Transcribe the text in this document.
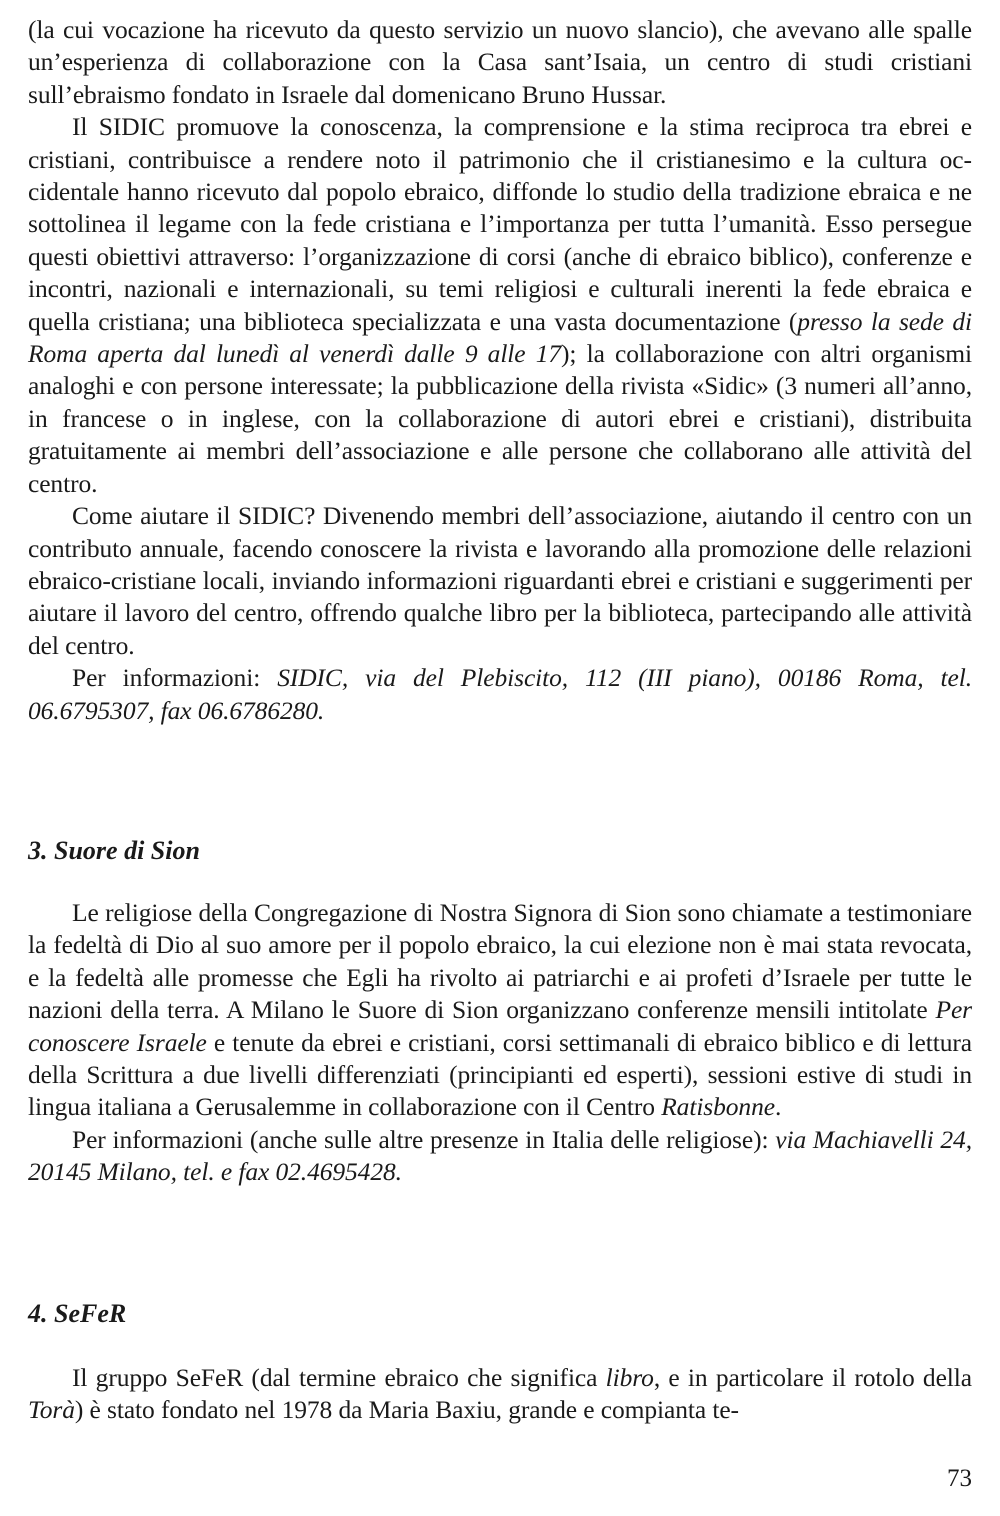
(la cui vocazione ha ricevuto da questo servizio un nuovo slancio), che avevano alle spalle un’esperienza di collaborazione con la Casa sant’Isaia, un centro di studi cristiani sull’ebraismo fondato in Israele dal domenicano Bruno Hussar.

Il SIDIC promuove la conoscenza, la comprensione e la stima reciproca tra ebrei e cristiani, contribuisce a rendere noto il patrimonio che il cristianesimo e la cultura occidentale hanno ricevuto dal popolo ebraico, diffonde lo studio della tradizione ebraica e ne sottolinea il legame con la fede cristiana e l’importanza per tutta l’umanità. Esso persegue questi obiettivi attraverso: l’organizzazione di corsi (anche di ebraico biblico), conferenze e incontri, nazionali e internazionali, su temi religiosi e culturali inerenti la fede ebraica e quella cristiana; una biblioteca specializzata e una vasta documentazione (presso la sede di Roma aperta dal lunedì al venerdì dalle 9 alle 17); la collaborazione con altri organismi analoghi e con persone interessate; la pubblicazione della rivista «Sidic» (3 numeri all’anno, in francese o in inglese, con la collaborazione di autori ebrei e cristiani), distribuita gratuitamente ai membri dell’associazione e alle persone che collaborano alle attività del centro.

Come aiutare il SIDIC? Divenendo membri dell’associazione, aiutando il centro con un contributo annuale, facendo conoscere la rivista e lavorando alla promozione delle relazioni ebraico-cristiane locali, inviando informazioni riguardanti ebrei e cristiani e suggerimenti per aiutare il lavoro del centro, offrendo qualche libro per la biblioteca, partecipando alle attività del centro.

Per informazioni: SIDIC, via del Plebiscito, 112 (III piano), 00186 Roma, tel. 06.6795307, fax 06.6786280.

3. Suore di Sion

Le religiose della Congregazione di Nostra Signora di Sion sono chiamate a testimoniare la fedeltà di Dio al suo amore per il popolo ebraico, la cui elezione non è mai stata revocata, e la fedeltà alle promesse che Egli ha rivolto ai patriarchi e ai profeti d’Israele per tutte le nazioni della terra. A Milano le Suore di Sion organizzano conferenze mensili intitolate Per conoscere Israele e tenute da ebrei e cristiani, corsi settimanali di ebraico biblico e di lettura della Scrittura a due livelli differenziati (principianti ed esperti), sessioni estive di studi in lingua italiana a Gerusalemme in collaborazione con il Centro Ratisbonne.

Per informazioni (anche sulle altre presenze in Italia delle religiose): via Machiavelli 24, 20145 Milano, tel. e fax 02.4695428.

4. SeFeR

Il gruppo SeFeR (dal termine ebraico che significa libro, e in particolare il rotolo della Torà) è stato fondato nel 1978 da Maria Baxiu, grande e compianta te-

73
